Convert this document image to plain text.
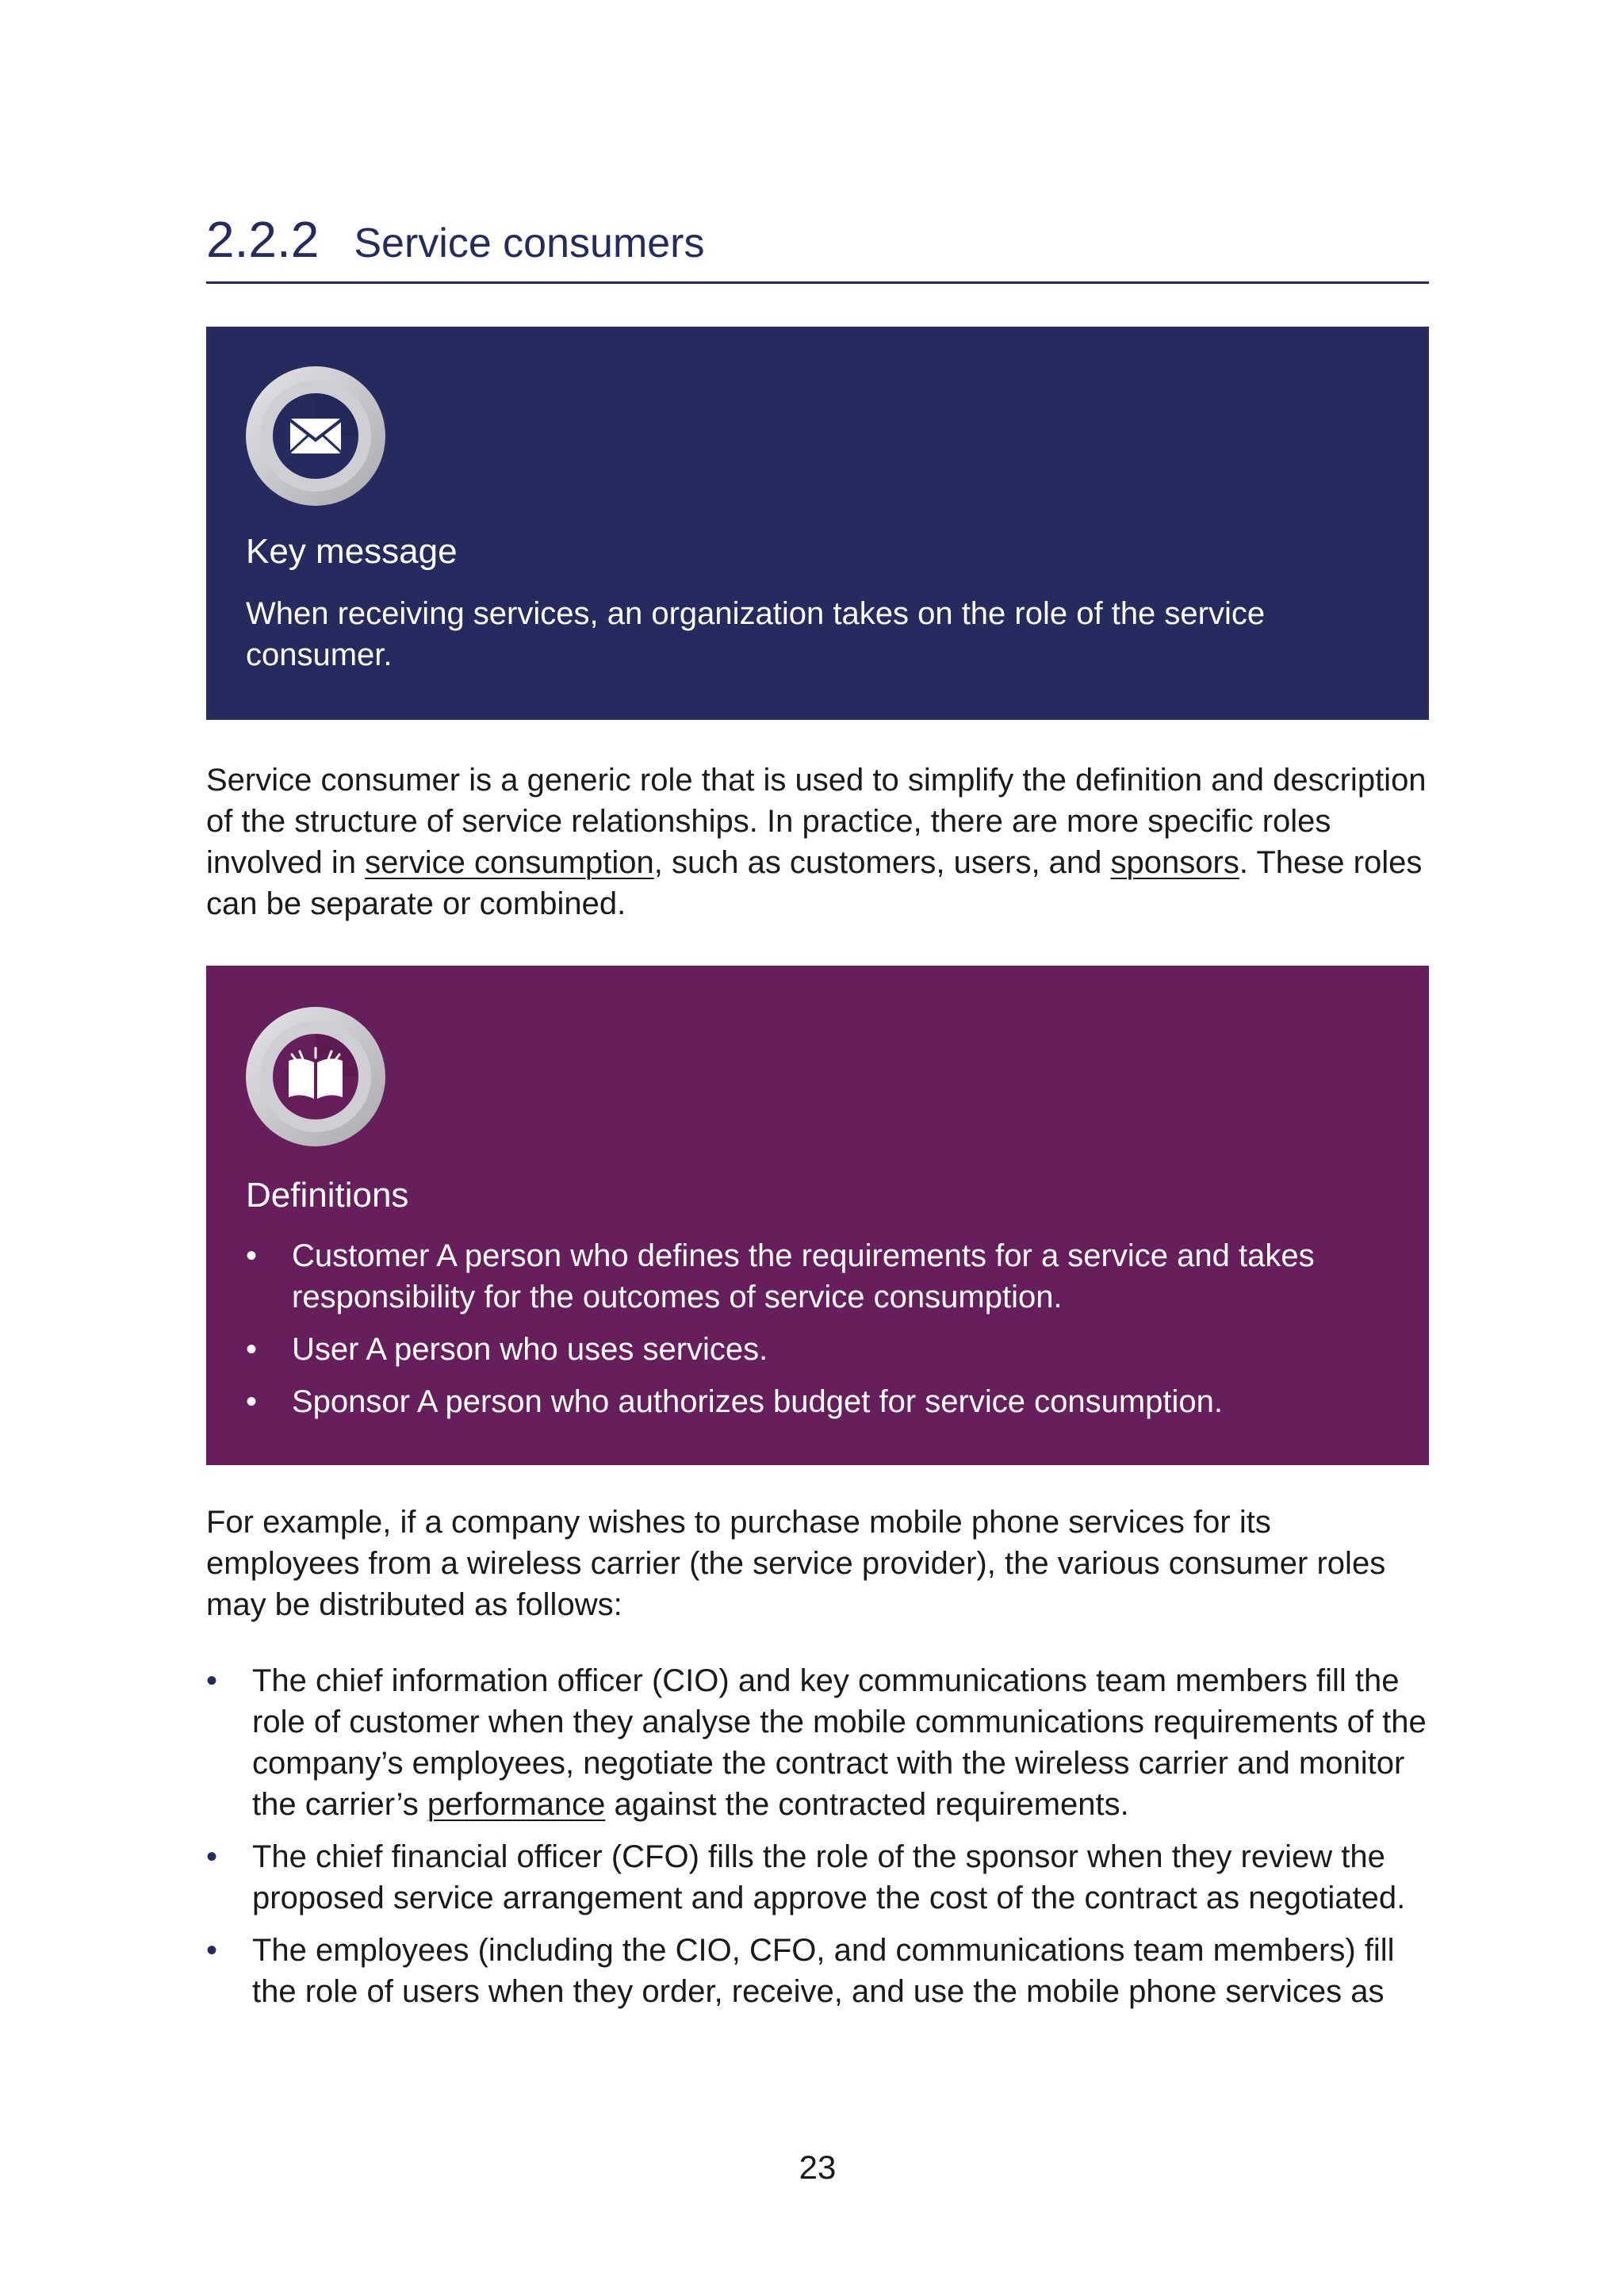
2.2.2 Service consumers
Key message
When receiving services, an organization takes on the role of the service consumer.
Service consumer is a generic role that is used to simplify the definition and description of the structure of service relationships. In practice, there are more specific roles involved in service consumption, such as customers, users, and sponsors. These roles can be separate or combined.
Definitions
• Customer A person who defines the requirements for a service and takes responsibility for the outcomes of service consumption.
• User A person who uses services.
• Sponsor A person who authorizes budget for service consumption.
For example, if a company wishes to purchase mobile phone services for its employees from a wireless carrier (the service provider), the various consumer roles may be distributed as follows:
• The chief information officer (CIO) and key communications team members fill the role of customer when they analyse the mobile communications requirements of the company’s employees, negotiate the contract with the wireless carrier and monitor the carrier’s performance against the contracted requirements.
• The chief financial officer (CFO) fills the role of the sponsor when they review the proposed service arrangement and approve the cost of the contract as negotiated.
• The employees (including the CIO, CFO, and communications team members) fill the role of users when they order, receive, and use the mobile phone services as
23
